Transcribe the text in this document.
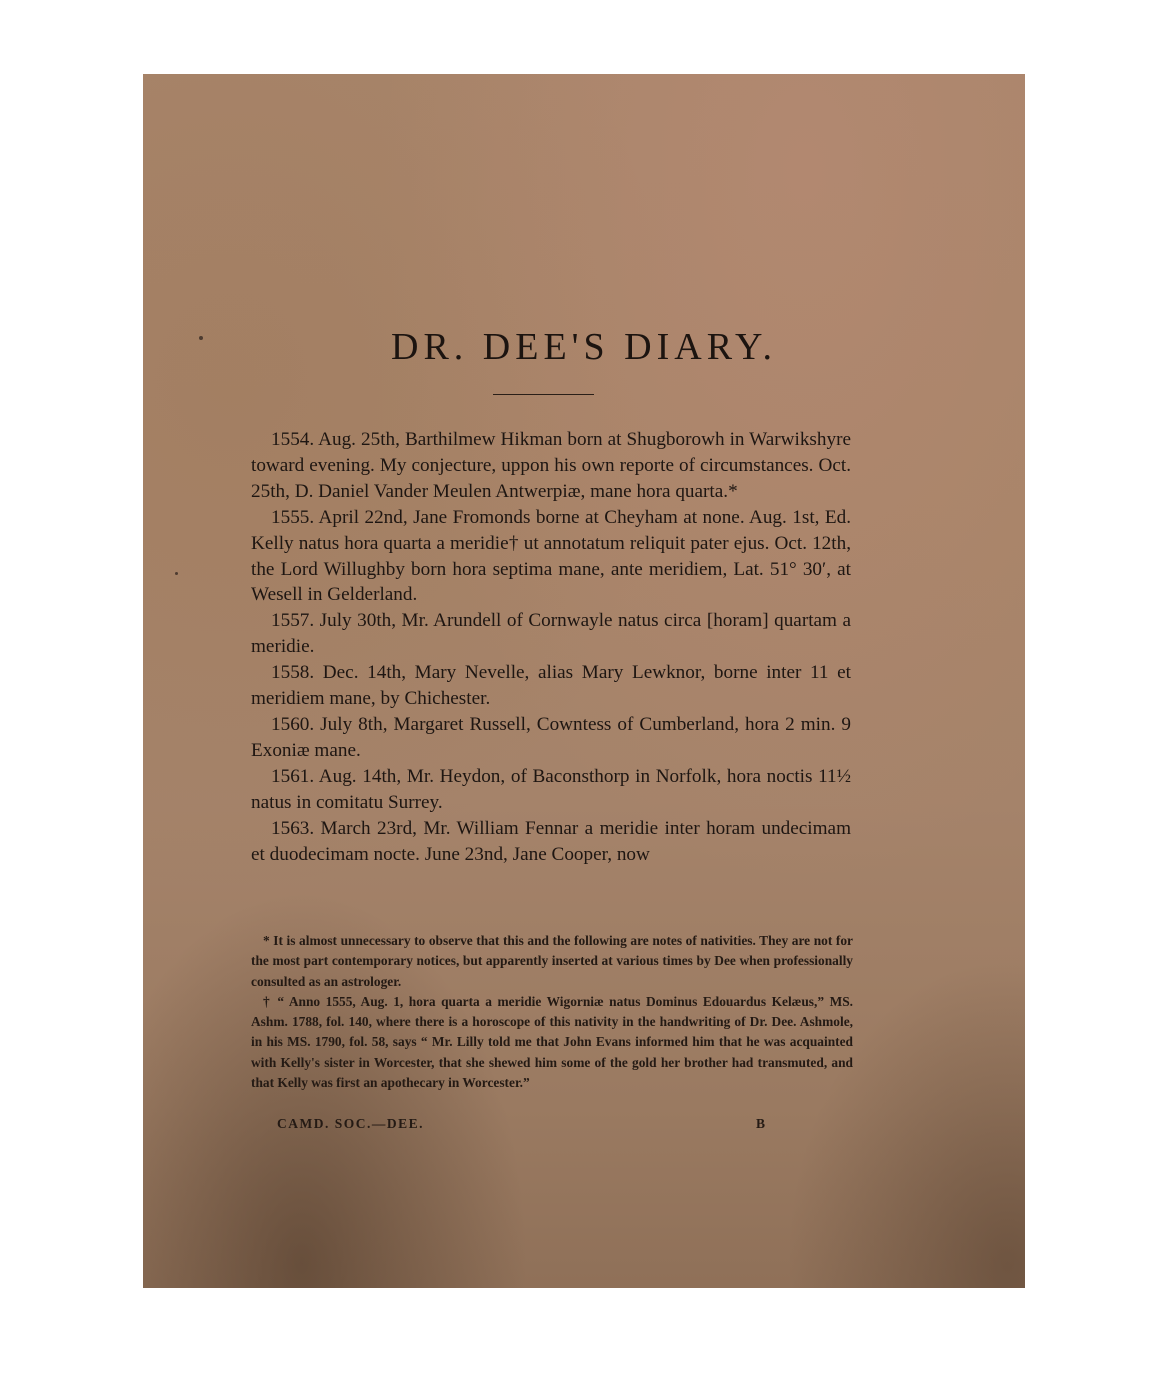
DR. DEE'S DIARY.

1554. Aug. 25th, Barthilmew Hikman born at Shugborowh in Warwikshyre toward evening. My conjecture, uppon his own reporte of circumstances. Oct. 25th, D. Daniel Vander Meulen Antwerpiæ, mane hora quarta.*

1555. April 22nd, Jane Fromonds borne at Cheyham at none. Aug. 1st, Ed. Kelly natus hora quarta a meridie† ut annotatum reliquit pater ejus. Oct. 12th, the Lord Willughby born hora septima mane, ante meridiem, Lat. 51° 30′, at Wesell in Gelderland.

1557. July 30th, Mr. Arundell of Cornwayle natus circa [horam] quartam a meridie.

1558. Dec. 14th, Mary Nevelle, alias Mary Lewknor, borne inter 11 et meridiem mane, by Chichester.

1560. July 8th, Margaret Russell, Cowntess of Cumberland, hora 2 min. 9 Exoniæ mane.

1561. Aug. 14th, Mr. Heydon, of Baconsthorp in Norfolk, hora noctis 11½ natus in comitatu Surrey.

1563. March 23rd, Mr. William Fennar a meridie inter horam undecimam et duodecimam nocte. June 23nd, Jane Cooper, now

* It is almost unnecessary to observe that this and the following are notes of nativities. They are not for the most part contemporary notices, but apparently inserted at various times by Dee when professionally consulted as an astrologer.

† “ Anno 1555, Aug. 1, hora quarta a meridie Wigorniæ natus Dominus Edouardus Kelæus,” MS. Ashm. 1788, fol. 140, where there is a horoscope of this nativity in the handwriting of Dr. Dee. Ashmole, in his MS. 1790, fol. 58, says “ Mr. Lilly told me that John Evans informed him that he was acquainted with Kelly's sister in Worcester, that she shewed him some of the gold her brother had transmuted, and that Kelly was first an apothecary in Worcester.”

CAMD. SOC.—DEE.	B
